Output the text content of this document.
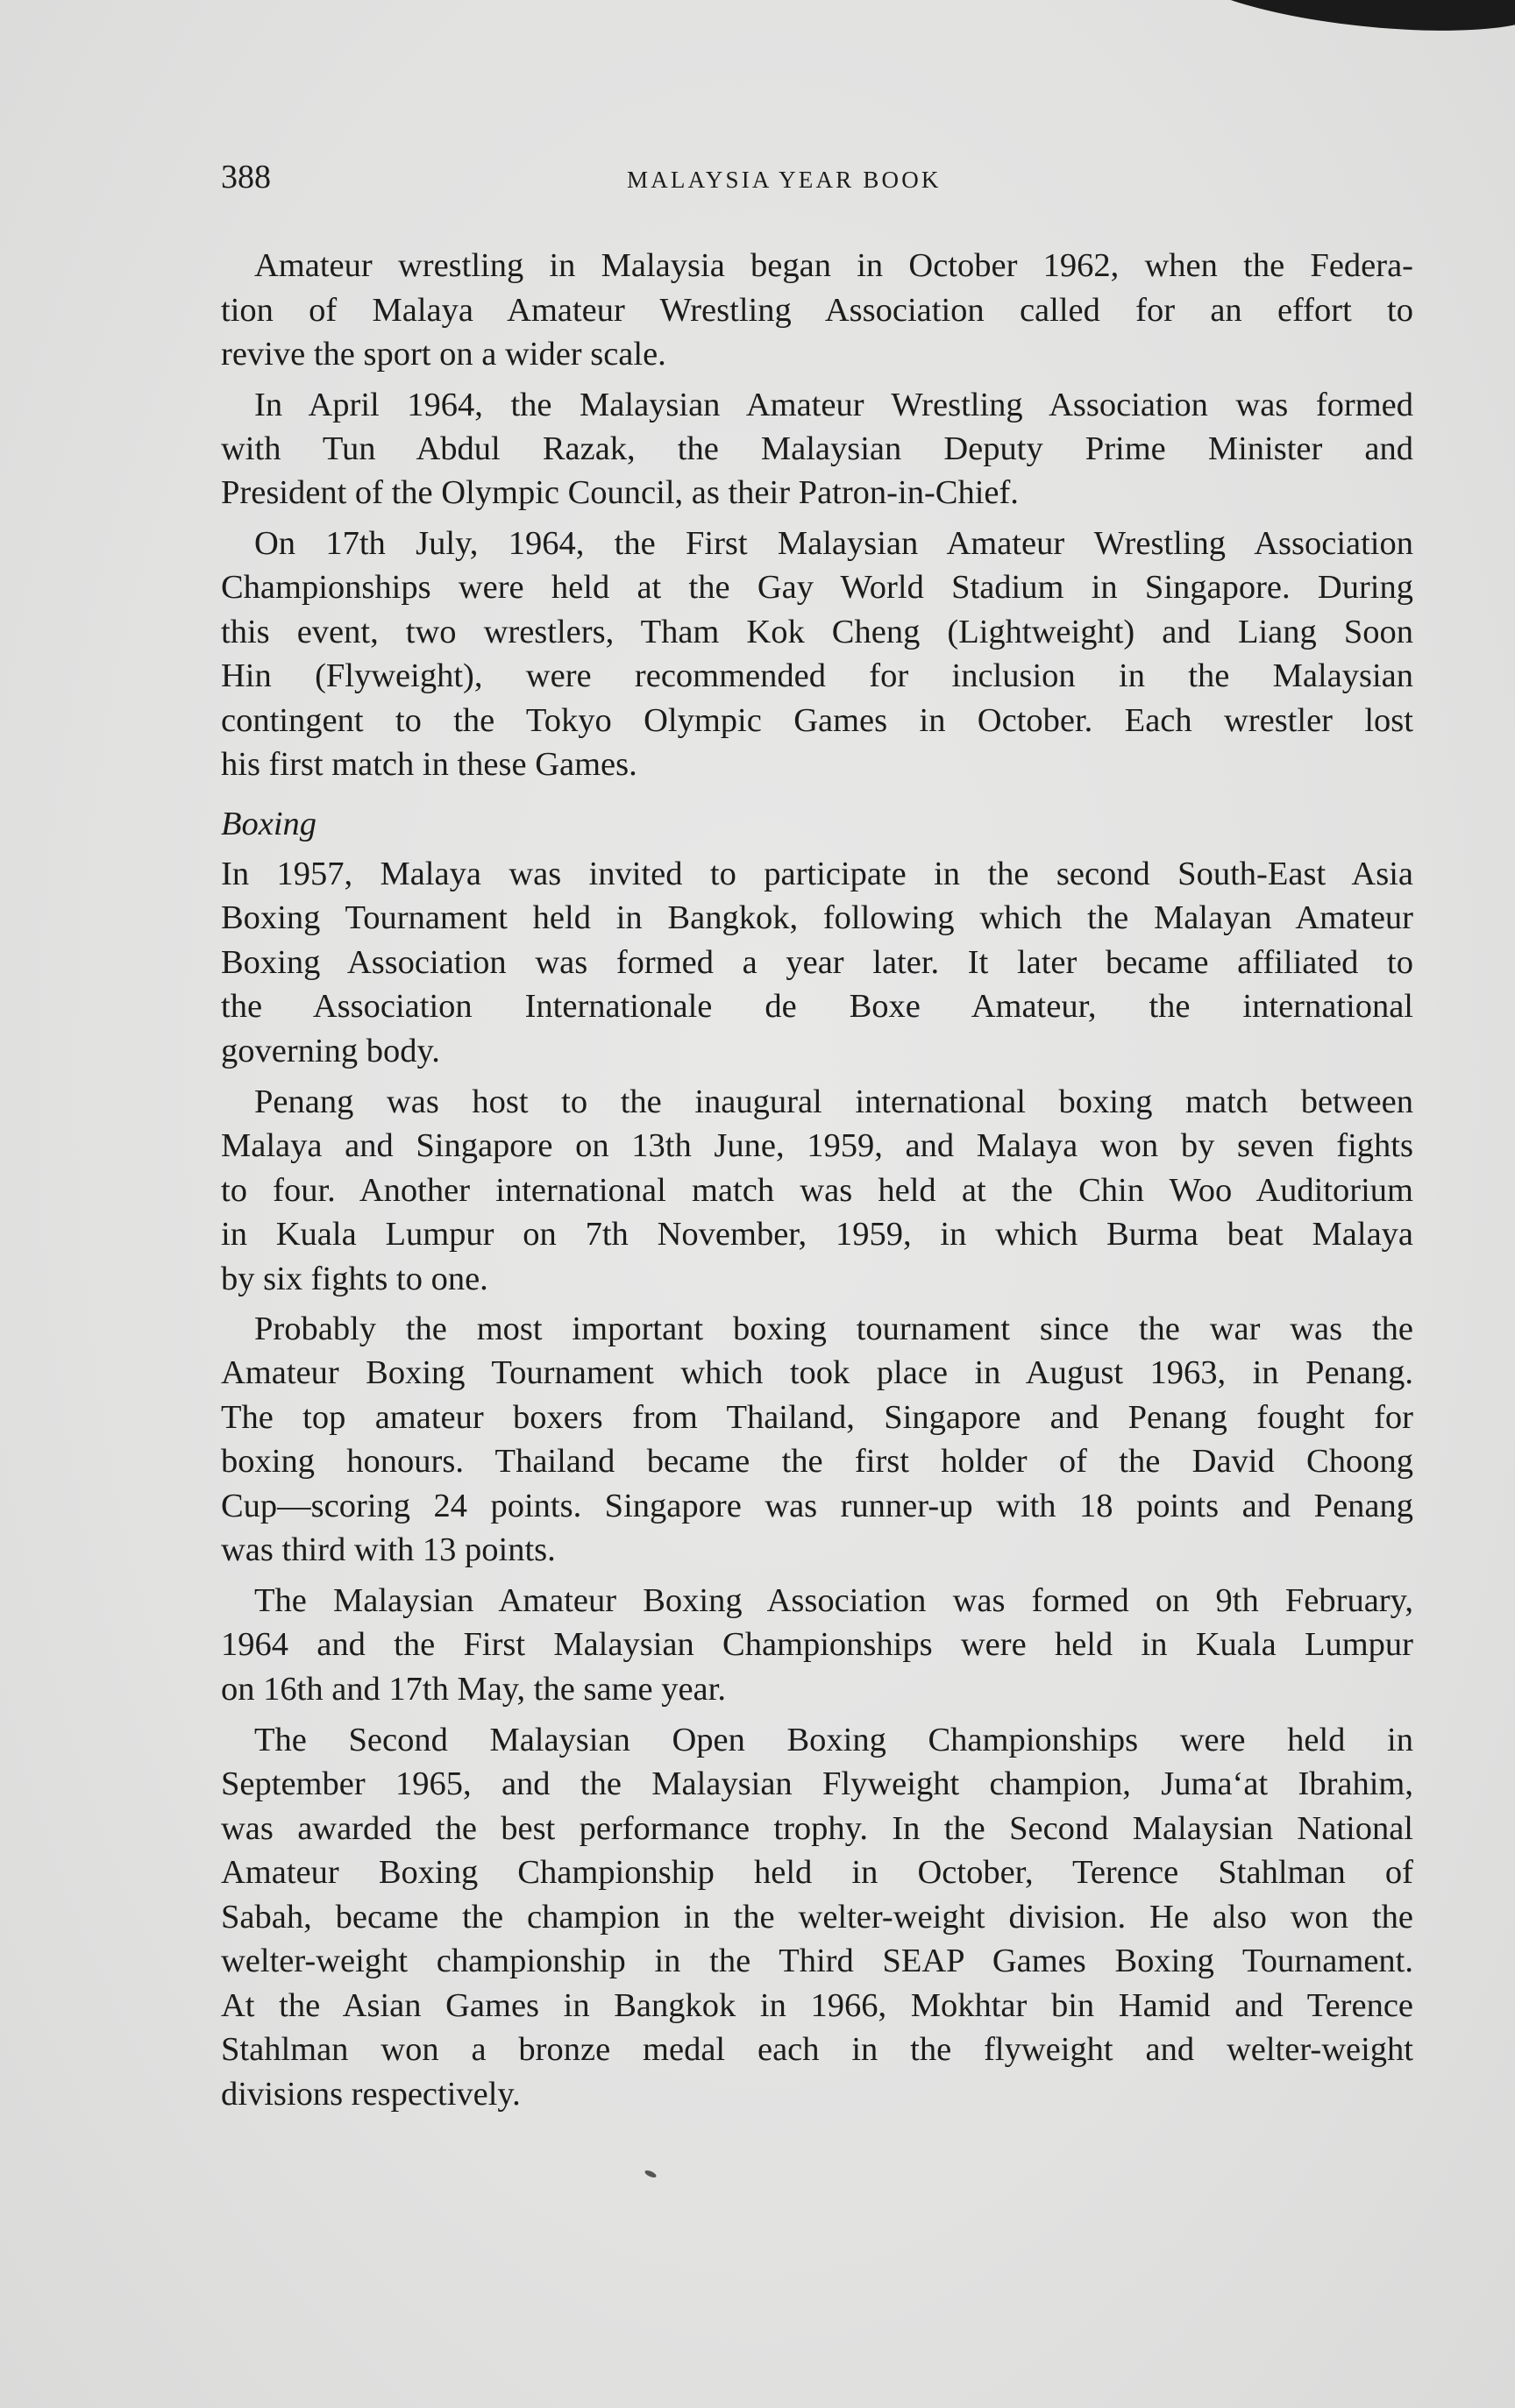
388	MALAYSIA YEAR BOOK
Amateur wrestling in Malaysia began in October 1962, when the Federa-
tion of Malaya Amateur Wrestling Association called for an effort to
revive the sport on a wider scale.
In April 1964, the Malaysian Amateur Wrestling Association was formed
with Tun Abdul Razak, the Malaysian Deputy Prime Minister and
President of the Olympic Council, as their Patron-in-Chief.
On 17th July, 1964, the First Malaysian Amateur Wrestling Association
Championships were held at the Gay World Stadium in Singapore. During
this event, two wrestlers, Tham Kok Cheng (Lightweight) and Liang Soon
Hin (Flyweight), were recommended for inclusion in the Malaysian
contingent to the Tokyo Olympic Games in October. Each wrestler lost
his first match in these Games.
Boxing
In 1957, Malaya was invited to participate in the second South-East Asia
Boxing Tournament held in Bangkok, following which the Malayan Amateur
Boxing Association was formed a year later. It later became affiliated to
the Association Internationale de Boxe Amateur, the international
governing body.
Penang was host to the inaugural international boxing match between
Malaya and Singapore on 13th June, 1959, and Malaya won by seven fights
to four. Another international match was held at the Chin Woo Auditorium
in Kuala Lumpur on 7th November, 1959, in which Burma beat Malaya
by six fights to one.
Probably the most important boxing tournament since the war was the
Amateur Boxing Tournament which took place in August 1963, in Penang.
The top amateur boxers from Thailand, Singapore and Penang fought for
boxing honours. Thailand became the first holder of the David Choong
Cup—scoring 24 points. Singapore was runner-up with 18 points and Penang
was third with 13 points.
The Malaysian Amateur Boxing Association was formed on 9th February,
1964 and the First Malaysian Championships were held in Kuala Lumpur
on 16th and 17th May, the same year.
The Second Malaysian Open Boxing Championships were held in
September 1965, and the Malaysian Flyweight champion, Juma‘at Ibrahim,
was awarded the best performance trophy. In the Second Malaysian National
Amateur Boxing Championship held in October, Terence Stahlman of
Sabah, became the champion in the welter-weight division. He also won the
welter-weight championship in the Third SEAP Games Boxing Tournament.
At the Asian Games in Bangkok in 1966, Mokhtar bin Hamid and Terence
Stahlman won a bronze medal each in the flyweight and welter-weight
divisions respectively.
